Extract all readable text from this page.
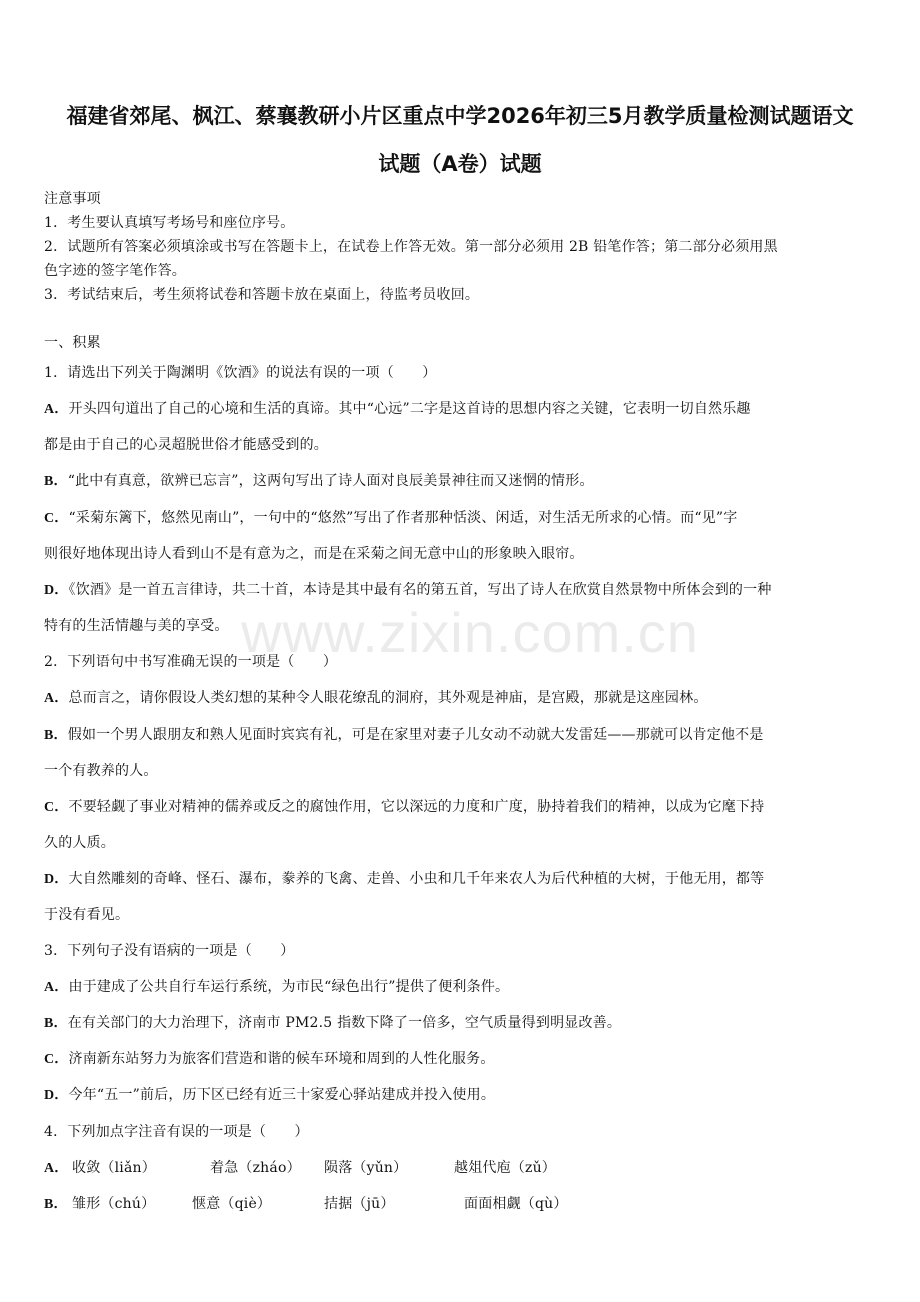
福建省郊尾、枫江、蔡襄教研小片区重点中学2026年初三5月教学质量检测试题语文
试题（A卷）试题
注意事项
1．考生要认真填写考场号和座位序号。
2．试题所有答案必须填涂或书写在答题卡上，在试卷上作答无效。第一部分必须用 2B 铅笔作答；第二部分必须用黑
色字迹的签字笔作答。
3．考试结束后，考生须将试卷和答题卡放在桌面上，待监考员收回。
一、积累
1．请选出下列关于陶渊明《饮酒》的说法有误的一项（　　）
A．开头四句道出了自己的心境和生活的真谛。其中“心远”二字是这首诗的思想内容之关键，它表明一切自然乐趣
都是由于自己的心灵超脱世俗才能感受到的。
B．“此中有真意，欲辨已忘言”，这两句写出了诗人面对良辰美景神往而又迷惘的情形。
C．“采菊东篱下，悠然见南山”，一句中的“悠然”写出了作者那种恬淡、闲适，对生活无所求的心情。而“见”字
则很好地体现出诗人看到山不是有意为之，而是在采菊之间无意中山的形象映入眼帘。
D．《饮酒》是一首五言律诗，共二十首，本诗是其中最有名的第五首，写出了诗人在欣赏自然景物中所体会到的一种
特有的生活情趣与美的享受。
2．下列语句中书写准确无误的一项是（　　）
A．总而言之，请你假设人类幻想的某种令人眼花缭乱的洞府，其外观是神庙，是宫殿，那就是这座园林。
B．假如一个男人跟朋友和熟人见面时宾宾有礼，可是在家里对妻子儿女动不动就大发雷廷——那就可以肯定他不是
一个有教养的人。
C．不要轻觑了事业对精神的儒养或反之的腐蚀作用，它以深远的力度和广度，胁持着我们的精神，以成为它麾下持
久的人质。
D．大自然雕刻的奇峰、怪石、瀑布，豢养的飞禽、走兽、小虫和几千年来农人为后代种植的大树，于他无用，都等
于没有看见。
3．下列句子没有语病的一项是（　　）
A．由于建成了公共自行车运行系统，为市民“绿色出行”提供了便利条件。
B．在有关部门的大力治理下，济南市 PM2.5 指数下降了一倍多，空气质量得到明显改善。
C．济南新东站努力为旅客们营造和谐的候车环境和周到的人性化服务。
D．今年“五一”前后，历下区已经有近三十家爱心驿站建成并投入使用。
4．下列加点字注音有误的一项是（　　）
A． 收敛（liǎn）	着急（zháo） 陨落（yǔn）	越俎代庖（zǔ）
B． 雏形（chú）	惬意（qiè）	拮据（jū）	面面相觑（qù）
www.zixin.com.cn
